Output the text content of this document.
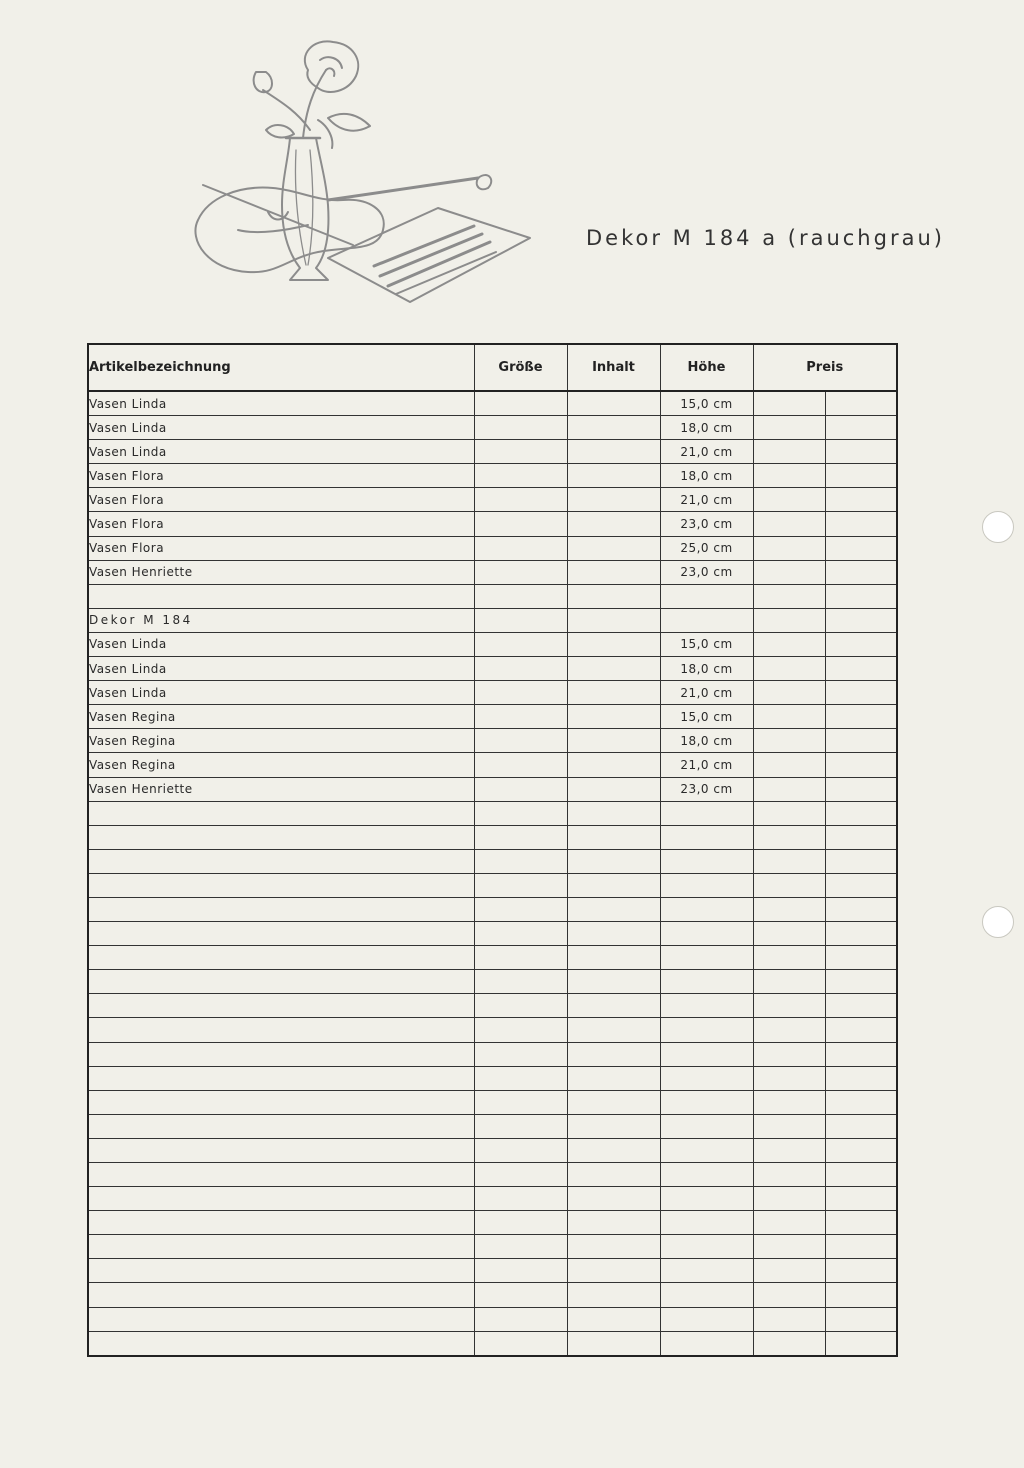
Dekor M 184 a (rauchgrau)
Artikelbezeichnung	Größe	Inhalt	Höhe	Preis	
Vasen Linda			15,0 cm		
Vasen Linda			18,0 cm		
Vasen Linda			21,0 cm		
Vasen Flora			18,0 cm		
Vasen Flora			21,0 cm		
Vasen Flora			23,0 cm		
Vasen Flora			25,0 cm		
Vasen Henriette			23,0 cm		

Dekor M 184					
Vasen Linda			15,0 cm		
Vasen Linda			18,0 cm		
Vasen Linda			21,0 cm		
Vasen Regina			15,0 cm		
Vasen Regina			18,0 cm		
Vasen Regina			21,0 cm		
Vasen Henriette			23,0 cm		
